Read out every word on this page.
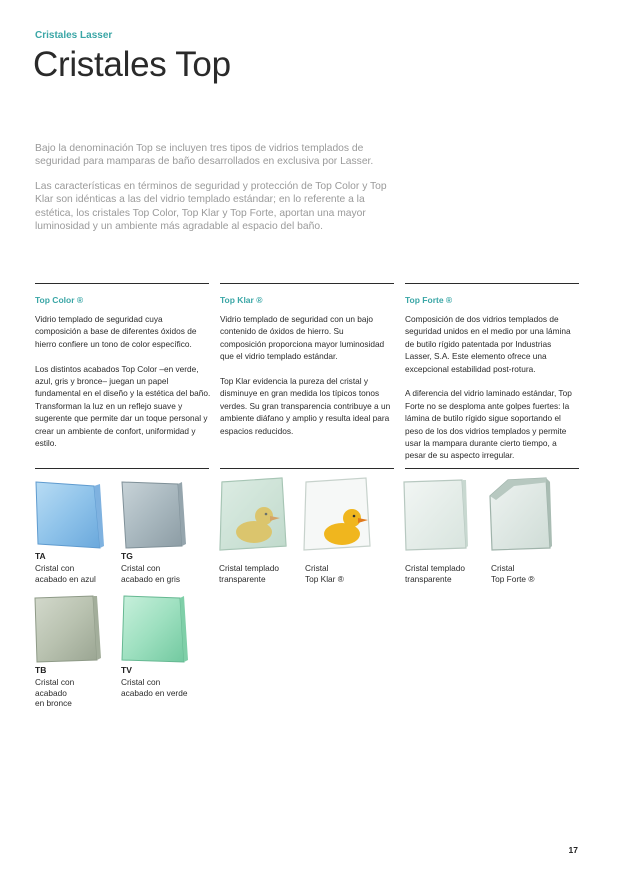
Cristales Lasser
Cristales Top
Bajo la denominación Top se incluyen tres tipos de vidrios templados de seguridad para mamparas de baño desarrollados en exclusiva por Lasser.
Las características en términos de seguridad y protección de Top Color y Top Klar son idénticas a las del vidrio templado estándar; en lo referente a la estética, los cristales Top Color, Top Klar y Top Forte, aportan una mayor luminosidad y un ambiente más agradable al espacio del baño.
Top Color ®

Vidrio templado de seguridad cuya composición a base de diferentes óxidos de hierro confiere un tono de color específico.

Los distintos acabados Top Color –en verde, azul, gris y bronce– juegan un papel fundamental en el diseño y la estética del baño. Transforman la luz en un reflejo suave y sugerente que permite dar un toque personal y crear un ambiente de confort, uniformidad y estilo.

Top Klar ®

Vidrio templado de seguridad con un bajo contenido de óxidos de hierro. Su composición proporciona mayor luminosidad que el vidrio templado estándar.

Top Klar evidencia la pureza del cristal y disminuye en gran medida los típicos tonos verdes. Su gran transparencia contribuye a un ambiente diáfano y amplio y resulta ideal para espacios reducidos.

Top Forte ®

Composición de dos vidrios templados de seguridad unidos en el medio por una lámina de butilo rígido patentada por Industrias Lasser, S.A. Este elemento ofrece una excepcional estabilidad post-rotura.

A diferencia del vidrio laminado estándar, Top Forte no se desploma ante golpes fuertes: la lámina de butilo rígido sigue soportando el peso de los dos vidrios templados y permite usar la mampara durante cierto tiempo, a pesar de su aspecto irregular.

TA
Cristal con
acabado en azul
TG
Cristal con
acabado en gris
Cristal templado
transparente
Cristal
Top Klar ®
Cristal templado
transparente
Cristal
Top Forte ®
TB
Cristal con
acabado
en bronce
TV
Cristal con
acabado en verde
17
